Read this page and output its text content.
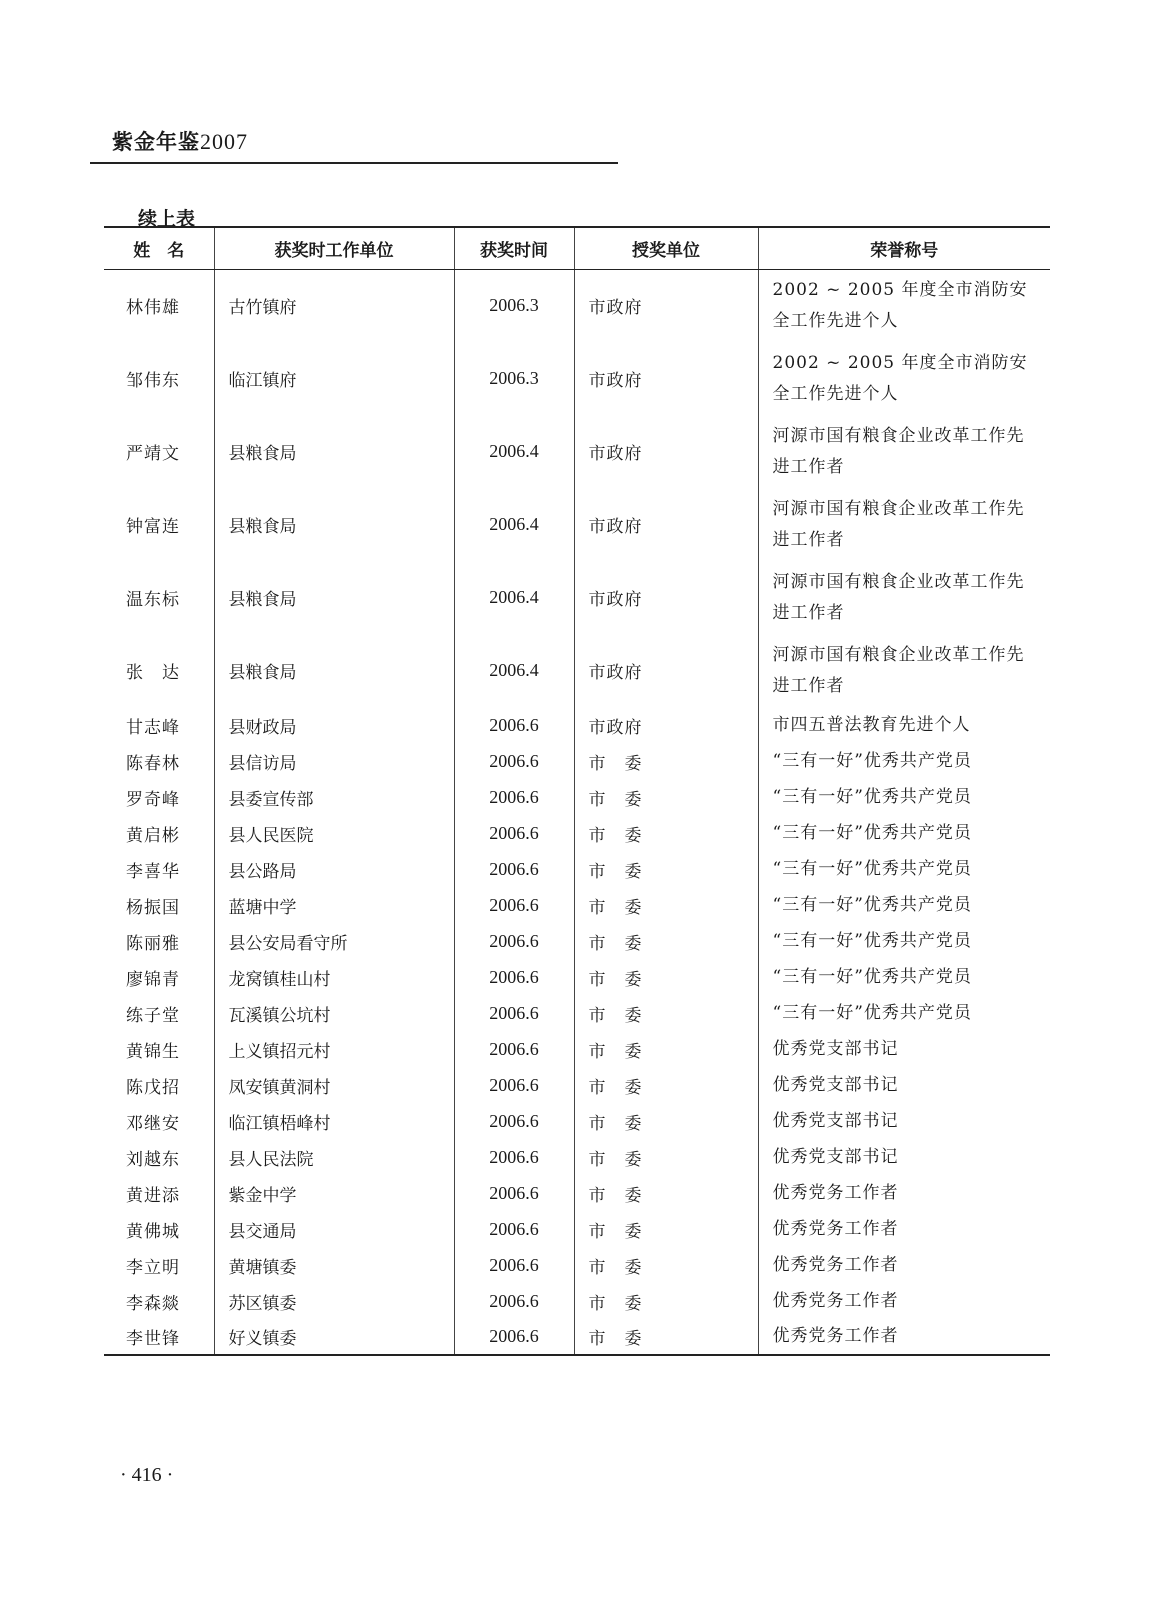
紫金年鉴2007
续上表
姓　名	获奖时工作单位	获奖时间	授奖单位	荣誉称号
林伟雄	古竹镇府	2006.3	市政府	2002 ~ 2005 年度全市消防安全工作先进个人
邹伟东	临江镇府	2006.3	市政府	2002 ~ 2005 年度全市消防安全工作先进个人
严靖文	县粮食局	2006.4	市政府	河源市国有粮食企业改革工作先进工作者
钟富连	县粮食局	2006.4	市政府	河源市国有粮食企业改革工作先进工作者
温东标	县粮食局	2006.4	市政府	河源市国有粮食企业改革工作先进工作者
张　达	县粮食局	2006.4	市政府	河源市国有粮食企业改革工作先进工作者
甘志峰	县财政局	2006.6	市政府	市四五普法教育先进个人
陈春林	县信访局	2006.6	市　委	“三有一好”优秀共产党员
罗奇峰	县委宣传部	2006.6	市　委	“三有一好”优秀共产党员
黄启彬	县人民医院	2006.6	市　委	“三有一好”优秀共产党员
李喜华	县公路局	2006.6	市　委	“三有一好”优秀共产党员
杨振国	蓝塘中学	2006.6	市　委	“三有一好”优秀共产党员
陈丽雅	县公安局看守所	2006.6	市　委	“三有一好”优秀共产党员
廖锦青	龙窝镇桂山村	2006.6	市　委	“三有一好”优秀共产党员
练子堂	瓦溪镇公坑村	2006.6	市　委	“三有一好”优秀共产党员
黄锦生	上义镇招元村	2006.6	市　委	优秀党支部书记
陈戊招	凤安镇黄洞村	2006.6	市　委	优秀党支部书记
邓继安	临江镇梧峰村	2006.6	市　委	优秀党支部书记
刘越东	县人民法院	2006.6	市　委	优秀党支部书记
黄进添	紫金中学	2006.6	市　委	优秀党务工作者
黄佛城	县交通局	2006.6	市　委	优秀党务工作者
李立明	黄塘镇委	2006.6	市　委	优秀党务工作者
李森燚	苏区镇委	2006.6	市　委	优秀党务工作者
李世锋	好义镇委	2006.6	市　委	优秀党务工作者
· 416 ·
